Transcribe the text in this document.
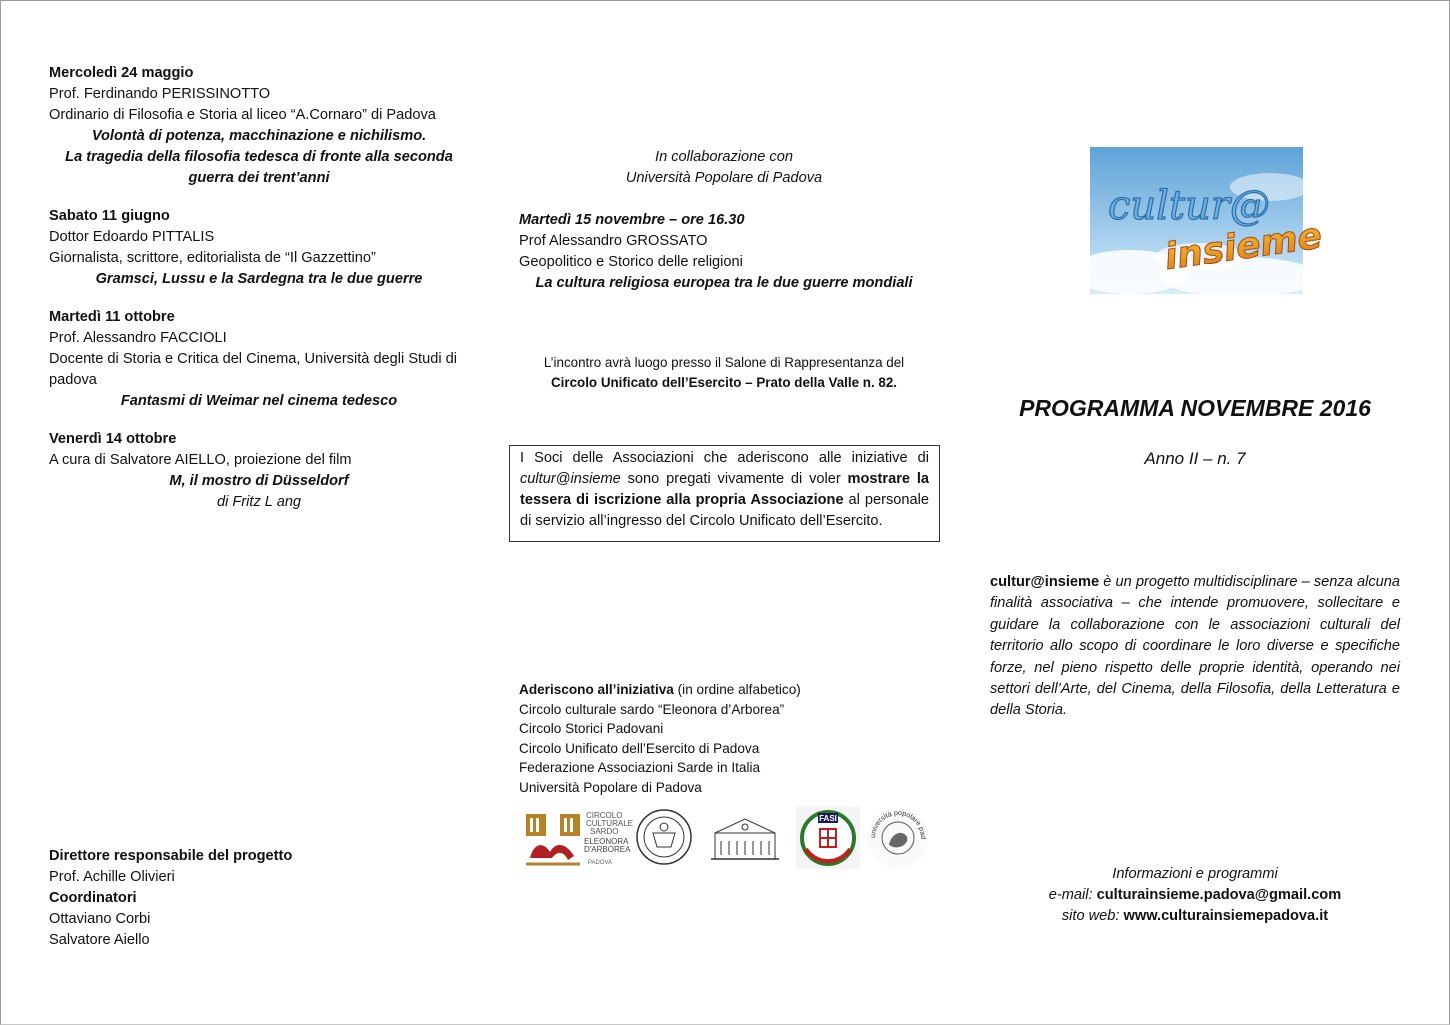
Mercoledì 24 maggio

Prof. Ferdinando PERISSINOTTO

Ordinario di Filosofia e Storia al liceo “A.Cornaro” di Padova

Volontà di potenza, macchinazione e nichilismo.

La tragedia della filosofia tedesca di fronte alla seconda guerra dei trent’anni

Sabato 11 giugno

Dottor Edoardo PITTALIS

Giornalista, scrittore, editorialista de “Il Gazzettino”

Gramsci, Lussu e la Sardegna tra le due guerre

Martedì 11 ottobre

Prof. Alessandro FACCIOLI

Docente di Storia e Critica del Cinema, Università degli Studi di padova

Fantasmi di Weimar nel cinema tedesco

Venerdì 14 ottobre

A cura di Salvatore AIELLO, proiezione del film

M, il mostro di Düsseldorf

di Fritz L ang

Direttore responsabile del progetto

Prof. Achille Olivieri

Coordinatori

Ottaviano Corbi

Salvatore Aiello

In collaborazione con

Università Popolare di Padova

Martedì 15 novembre – ore 16.30

Prof Alessandro GROSSATO

Geopolitico e Storico delle religioni

La cultura religiosa europea tra le due guerre mondiali

L’incontro avrà luogo presso il Salone di Rappresentanza del

Circolo Unificato dell’Esercito – Prato della Valle n. 82.

I Soci delle Associazioni che aderiscono alle iniziative di cultur@insieme sono pregati vivamente di voler mostrare la tessera di iscrizione alla propria Associazione al personale di servizio all’ingresso del Circolo Unificato dell’Esercito.

Aderiscono all’iniziativa (in ordine alfabetico)

Circolo culturale sardo “Eleonora d’Arborea”

Circolo Storici Padovani

Circolo Unificato dell’Esercito di Padova

Federazione Associazioni Sarde in Italia

Università Popolare di Padova

CIRCOLO
CULTURALE
SARDO
ELEONORA
D'ARBOREA
PADOVA
FASI
università popolare pad
cultur@
insieme
PROGRAMMA NOVEMBRE 2016
Anno II – n. 7
cultur@insieme è un progetto multidisciplinare – senza alcuna finalità associativa – che intende promuovere, sollecitare e guidare la collaborazione con le associazioni culturali del territorio allo scopo di coordinare le loro diverse e specifiche forze, nel pieno rispetto delle proprie identità, operando nei settori dell’Arte, del Cinema, della Filosofia, della Letteratura e della Storia.

Informazioni e programmi

e-mail: culturainsieme.padova@gmail.com

sito web: www.culturainsiemepadova.it
